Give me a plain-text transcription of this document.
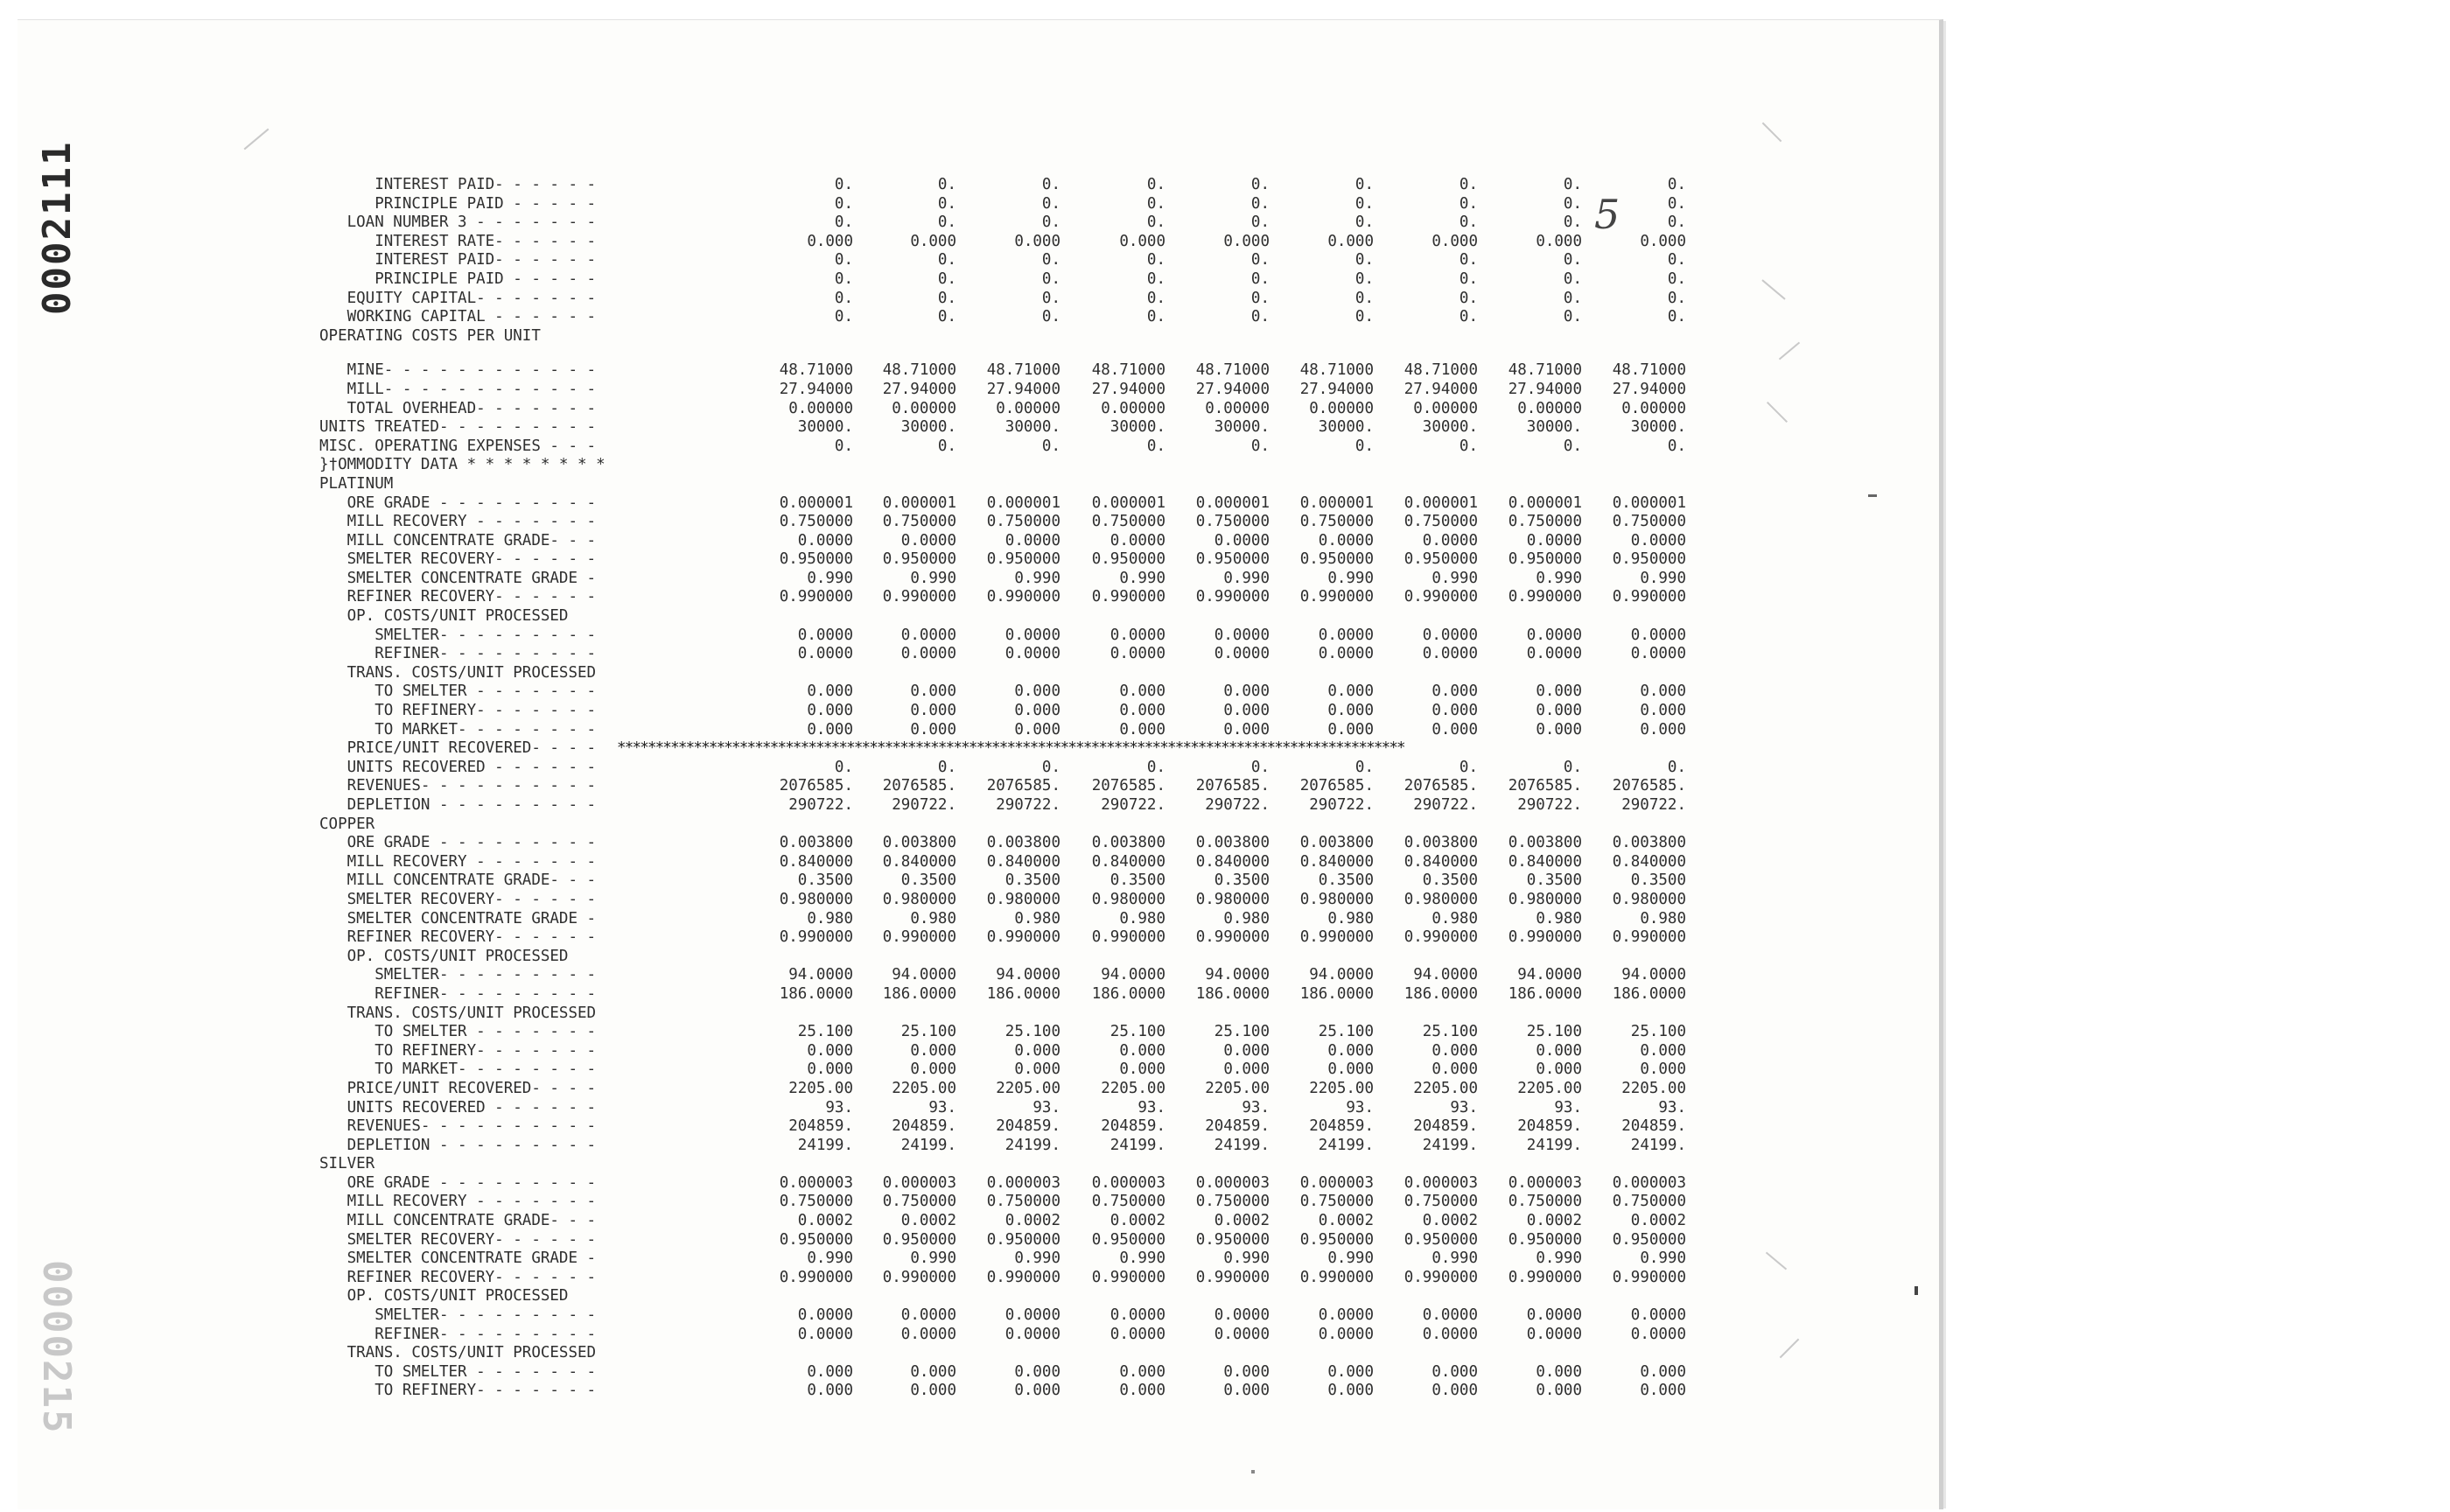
5
INTEREST PAID- - - - - -	0.	0.	0.	0.	0.	0.	0.	0.	0.
PRINCIPLE PAID - - - - -	0.	0.	0.	0.	0.	0.	0.	0.	0.
LOAN NUMBER 3 - - - - - - -	0.	0.	0.	0.	0.	0.	0.	0.	0.
INTEREST RATE- - - - - -	0.000	0.000	0.000	0.000	0.000	0.000	0.000	0.000	0.000
INTEREST PAID- - - - - -	0.	0.	0.	0.	0.	0.	0.	0.	0.
PRINCIPLE PAID - - - - -	0.	0.	0.	0.	0.	0.	0.	0.	0.
EQUITY CAPITAL- - - - - - -	0.	0.	0.	0.	0.	0.	0.	0.	0.
WORKING CAPITAL - - - - - -	0.	0.	0.	0.	0.	0.	0.	0.	0.
OPERATING COSTS PER UNIT
MINE- - - - - - - - - - - -	48.71000	48.71000	48.71000	48.71000	48.71000	48.71000	48.71000	48.71000	48.71000
MILL- - - - - - - - - - - -	27.94000	27.94000	27.94000	27.94000	27.94000	27.94000	27.94000	27.94000	27.94000
TOTAL OVERHEAD- - - - - - -	0.00000	0.00000	0.00000	0.00000	0.00000	0.00000	0.00000	0.00000	0.00000
UNITS TREATED- - - - - - - - -	30000.	30000.	30000.	30000.	30000.	30000.	30000.	30000.	30000.
MISC. OPERATING EXPENSES - - -	0.	0.	0.	0.	0.	0.	0.	0.	0.
}†OMMODITY DATA * * * * * * * *
PLATINUM
ORE GRADE - - - - - - - - -	0.000001	0.000001	0.000001	0.000001	0.000001	0.000001	0.000001	0.000001	0.000001
MILL RECOVERY - - - - - - -	0.750000	0.750000	0.750000	0.750000	0.750000	0.750000	0.750000	0.750000	0.750000
MILL CONCENTRATE GRADE- - -	0.0000	0.0000	0.0000	0.0000	0.0000	0.0000	0.0000	0.0000	0.0000
SMELTER RECOVERY- - - - - -	0.950000	0.950000	0.950000	0.950000	0.950000	0.950000	0.950000	0.950000	0.950000
SMELTER CONCENTRATE GRADE -	0.990	0.990	0.990	0.990	0.990	0.990	0.990	0.990	0.990
REFINER RECOVERY- - - - - -	0.990000	0.990000	0.990000	0.990000	0.990000	0.990000	0.990000	0.990000	0.990000
OP. COSTS/UNIT PROCESSED
SMELTER- - - - - - - - -	0.0000	0.0000	0.0000	0.0000	0.0000	0.0000	0.0000	0.0000	0.0000
REFINER- - - - - - - - -	0.0000	0.0000	0.0000	0.0000	0.0000	0.0000	0.0000	0.0000	0.0000
TRANS. COSTS/UNIT PROCESSED
TO SMELTER - - - - - - -	0.000	0.000	0.000	0.000	0.000	0.000	0.000	0.000	0.000
TO REFINERY- - - - - - -	0.000	0.000	0.000	0.000	0.000	0.000	0.000	0.000	0.000
TO MARKET- - - - - - - -	0.000	0.000	0.000	0.000	0.000	0.000	0.000	0.000	0.000
PRICE/UNIT RECOVERED- - - - *******************************************************************************************************
UNITS RECOVERED - - - - - -	0.	0.	0.	0.	0.	0.	0.	0.	0.
REVENUES- - - - - - - - - -	2076585.	2076585.	2076585.	2076585.	2076585.	2076585.	2076585.	2076585.	2076585.
DEPLETION - - - - - - - - -	290722.	290722.	290722.	290722.	290722.	290722.	290722.	290722.	290722.
COPPER
ORE GRADE - - - - - - - - -	0.003800	0.003800	0.003800	0.003800	0.003800	0.003800	0.003800	0.003800	0.003800
MILL RECOVERY - - - - - - -	0.840000	0.840000	0.840000	0.840000	0.840000	0.840000	0.840000	0.840000	0.840000
MILL CONCENTRATE GRADE- - -	0.3500	0.3500	0.3500	0.3500	0.3500	0.3500	0.3500	0.3500	0.3500
SMELTER RECOVERY- - - - - -	0.980000	0.980000	0.980000	0.980000	0.980000	0.980000	0.980000	0.980000	0.980000
SMELTER CONCENTRATE GRADE -	0.980	0.980	0.980	0.980	0.980	0.980	0.980	0.980	0.980
REFINER RECOVERY- - - - - -	0.990000	0.990000	0.990000	0.990000	0.990000	0.990000	0.990000	0.990000	0.990000
OP. COSTS/UNIT PROCESSED
SMELTER- - - - - - - - -	94.0000	94.0000	94.0000	94.0000	94.0000	94.0000	94.0000	94.0000	94.0000
REFINER- - - - - - - - -	186.0000	186.0000	186.0000	186.0000	186.0000	186.0000	186.0000	186.0000	186.0000
TRANS. COSTS/UNIT PROCESSED
TO SMELTER - - - - - - -	25.100	25.100	25.100	25.100	25.100	25.100	25.100	25.100	25.100
TO REFINERY- - - - - - -	0.000	0.000	0.000	0.000	0.000	0.000	0.000	0.000	0.000
TO MARKET- - - - - - - -	0.000	0.000	0.000	0.000	0.000	0.000	0.000	0.000	0.000
PRICE/UNIT RECOVERED- - - -	2205.00	2205.00	2205.00	2205.00	2205.00	2205.00	2205.00	2205.00	2205.00
UNITS RECOVERED - - - - - -	93.	93.	93.	93.	93.	93.	93.	93.	93.
REVENUES- - - - - - - - - -	204859.	204859.	204859.	204859.	204859.	204859.	204859.	204859.	204859.
DEPLETION - - - - - - - - -	24199.	24199.	24199.	24199.	24199.	24199.	24199.	24199.	24199.
SILVER
ORE GRADE - - - - - - - - -	0.000003	0.000003	0.000003	0.000003	0.000003	0.000003	0.000003	0.000003	0.000003
MILL RECOVERY - - - - - - -	0.750000	0.750000	0.750000	0.750000	0.750000	0.750000	0.750000	0.750000	0.750000
MILL CONCENTRATE GRADE- - -	0.0002	0.0002	0.0002	0.0002	0.0002	0.0002	0.0002	0.0002	0.0002
SMELTER RECOVERY- - - - - -	0.950000	0.950000	0.950000	0.950000	0.950000	0.950000	0.950000	0.950000	0.950000
SMELTER CONCENTRATE GRADE -	0.990	0.990	0.990	0.990	0.990	0.990	0.990	0.990	0.990
REFINER RECOVERY- - - - - -	0.990000	0.990000	0.990000	0.990000	0.990000	0.990000	0.990000	0.990000	0.990000
OP. COSTS/UNIT PROCESSED
SMELTER- - - - - - - - -	0.0000	0.0000	0.0000	0.0000	0.0000	0.0000	0.0000	0.0000	0.0000
REFINER- - - - - - - - -	0.0000	0.0000	0.0000	0.0000	0.0000	0.0000	0.0000	0.0000	0.0000
TRANS. COSTS/UNIT PROCESSED
TO SMELTER - - - - - - -	0.000	0.000	0.000	0.000	0.000	0.000	0.000	0.000	0.000
TO REFINERY- - - - - - -	0.000	0.000	0.000	0.000	0.000	0.000	0.000	0.000	0.000
